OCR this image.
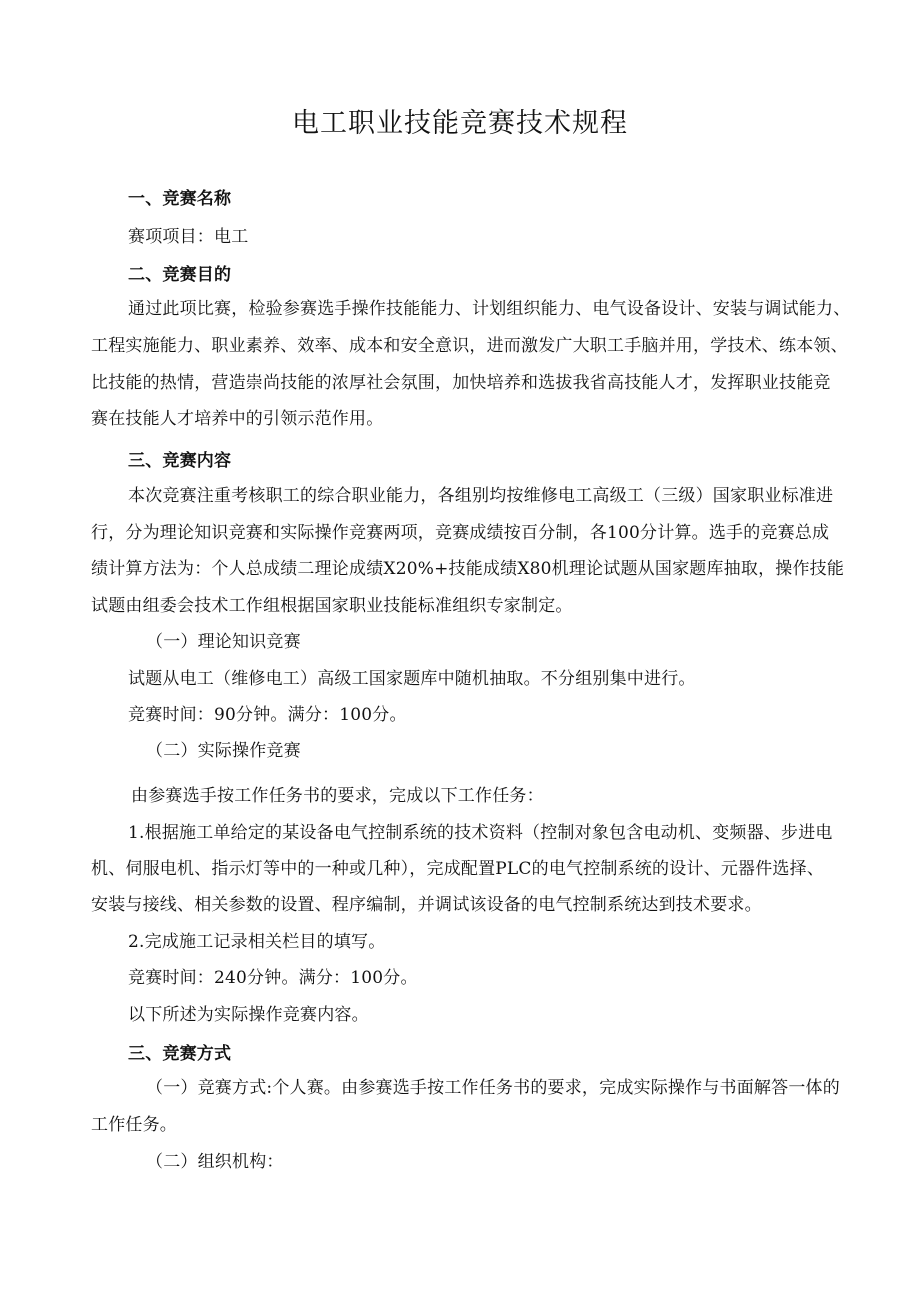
电工职业技能竞赛技术规程
一、竞赛名称
赛项项目：电工
二、竞赛目的
通过此项比赛，检验参赛选手操作技能能力、计划组织能力、电气设备设计、安装与调试能力、
工程实施能力、职业素养、效率、成本和安全意识，进而激发广大职工手脑并用，学技术、练本领、
比技能的热情，营造崇尚技能的浓厚社会氛围，加快培养和选拔我省高技能人才，发挥职业技能竞
赛在技能人才培养中的引领示范作用。
三、竞赛内容
本次竞赛注重考核职工的综合职业能力，各组别均按维修电工高级工（三级）国家职业标准进
行，分为理论知识竞赛和实际操作竞赛两项，竞赛成绩按百分制，各100分计算。选手的竞赛总成
绩计算方法为：个人总成绩二理论成绩X20%+技能成绩X80机理论试题从国家题库抽取，操作技能
试题由组委会技术工作组根据国家职业技能标准组织专家制定。
（一）理论知识竞赛
试题从电工（维修电工）高级工国家题库中随机抽取。不分组别集中进行。
竞赛时间：90分钟。满分：100分。
（二）实际操作竞赛
由参赛选手按工作任务书的要求，完成以下工作任务：
1.根据施工单给定的某设备电气控制系统的技术资料（控制对象包含电动机、变频器、步进电
机、伺服电机、指示灯等中的一种或几种），完成配置PLC的电气控制系统的设计、元器件选择、
安装与接线、相关参数的设置、程序编制，并调试该设备的电气控制系统达到技术要求。
2.完成施工记录相关栏目的填写。
竞赛时间：240分钟。满分：100分。
以下所述为实际操作竞赛内容。
三、竞赛方式
（一）竞赛方式:个人赛。由参赛选手按工作任务书的要求，完成实际操作与书面解答一体的
工作任务。
（二）组织机构：
